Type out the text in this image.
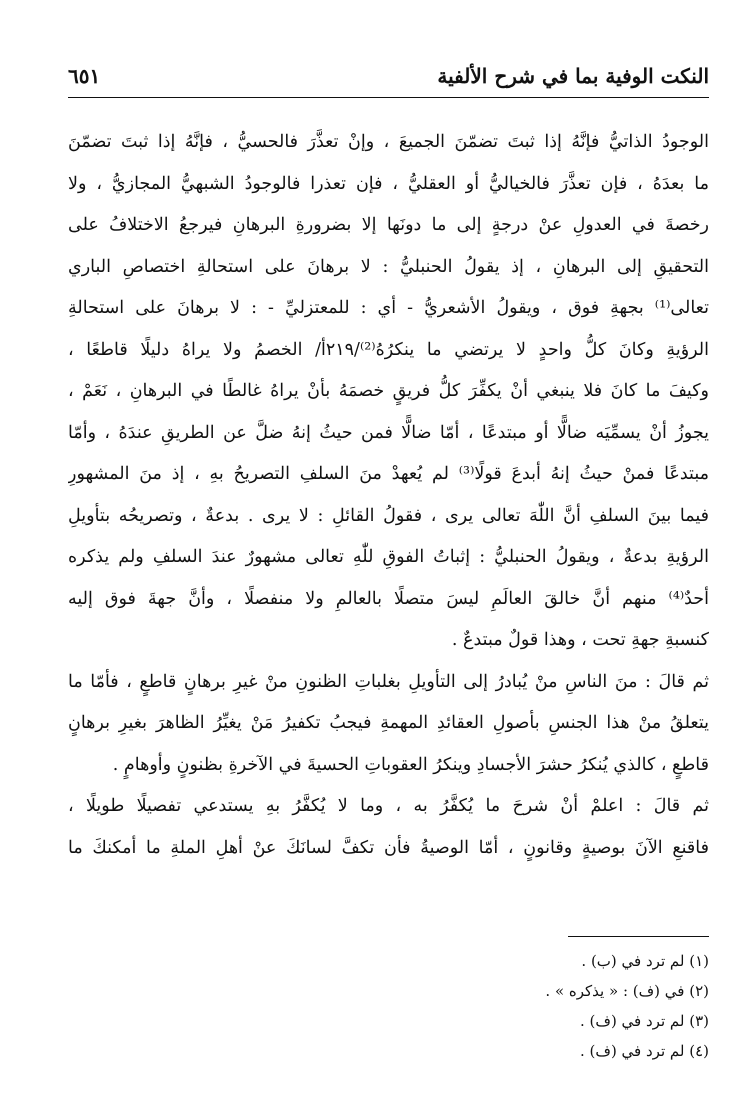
النكت الوفية بما في شرح الألفية
٦٥١
الوجودُ الذاتيُّ فإنَّهُ إذا ثبتَ تضمّنَ الجميعَ ، وإنْ تعذَّرَ فالحسيُّ ، فإنَّهُ إذا ثبتَ تضمّنَ
ما بعدَهُ ، فإن تعذَّرَ فالخياليُّ أو العقليُّ ، فإن تعذرا فالوجودُ الشبهيُّ المجازيُّ ، ولا
رخصةَ في العدولِ عنْ درجةٍ إلى ما دونَها إلا بضرورةِ البرهانِ فيرجعُ الاختلافُ على
التحقيقِ إلى البرهانِ ، إذ يقولُ الحنبليُّ : لا برهانَ على استحالةِ اختصاصِ الباري
تعالى⁽¹⁾ بجهةِ فوق ، ويقولُ الأشعريُّ - أي : للمعتزليِّ - : لا برهانَ على استحالةِ
الرؤيةِ وكانَ كلُّ واحدٍ لا يرتضي ما ينكرُهُ⁽²⁾/٢١٩أ/ الخصمُ ولا يراهُ دليلًا قاطعًا ،
وكيفَ ما كانَ فلا ينبغي أنْ يكفِّرَ كلُّ فريقٍ خصمَهُ بأنْ يراهُ غالطًا في البرهانِ ، نَعَمْ ،
يجوزُ أنْ يسمِّيَه ضالًّا أو مبتدعًا ، أمّا ضالًّا فمن حيثُ إنهُ ضلَّ عن الطريقِ عندَهُ ، وأمّا
مبتدعًا فمنْ حيثُ إنهُ أبدعَ قولًا⁽³⁾ لم يُعهدْ منَ السلفِ التصريحُ بهِ ، إذ منَ المشهورِ
فيما بينَ السلفِ أنَّ اللّٰهَ تعالى يرى ، فقولُ القائلِ : لا يرى . بدعةٌ ، وتصريحُه بتأويلِ
الرؤيةِ بدعةٌ ، ويقولُ الحنبليُّ : إثباتُ الفوقِ للّٰهِ تعالى مشهورٌ عندَ السلفِ ولم يذكره
أحدٌ⁽⁴⁾ منهم أنَّ خالقَ العالَمِ ليسَ متصلًا بالعالمِ ولا منفصلًا ، وأنَّ جهةَ فوق إليه
كنسبةِ جهةِ تحت ، وهذا قولٌ مبتدعٌ .
ثم قالَ : منَ الناسِ منْ يُبادرُ إلى التأويلِ بغلباتِ الظنونِ منْ غيرِ برهانٍ قاطعٍ ، فأمّا ما
يتعلقُ منْ هذا الجنسِ بأصولِ العقائدِ المهمةِ فيجبُ تكفيرُ مَنْ يغيِّرُ الظاهرَ بغيرِ برهانٍ
قاطعٍ ، كالذي يُنكرُ حشرَ الأجسادِ وينكرُ العقوباتِ الحسيةَ في الآخرةِ بظنونٍ وأوهامٍ .
ثم قالَ : اعلمْ أنْ شرحَ ما يُكفَّرُ به ، وما لا يُكفَّرُ بهِ يستدعي تفصيلًا طويلًا ،
فاقنعِ الآنَ بوصيةٍ وقانونٍ ، أمّا الوصيةُ فأن تكفَّ لسانَكَ عنْ أهلِ الملةِ ما أمكنكَ ما
(١) لم ترد في (ب) .
(٢) في (ف) : « يذكره » .
(٣) لم ترد في (ف) .
(٤) لم ترد في (ف) .
